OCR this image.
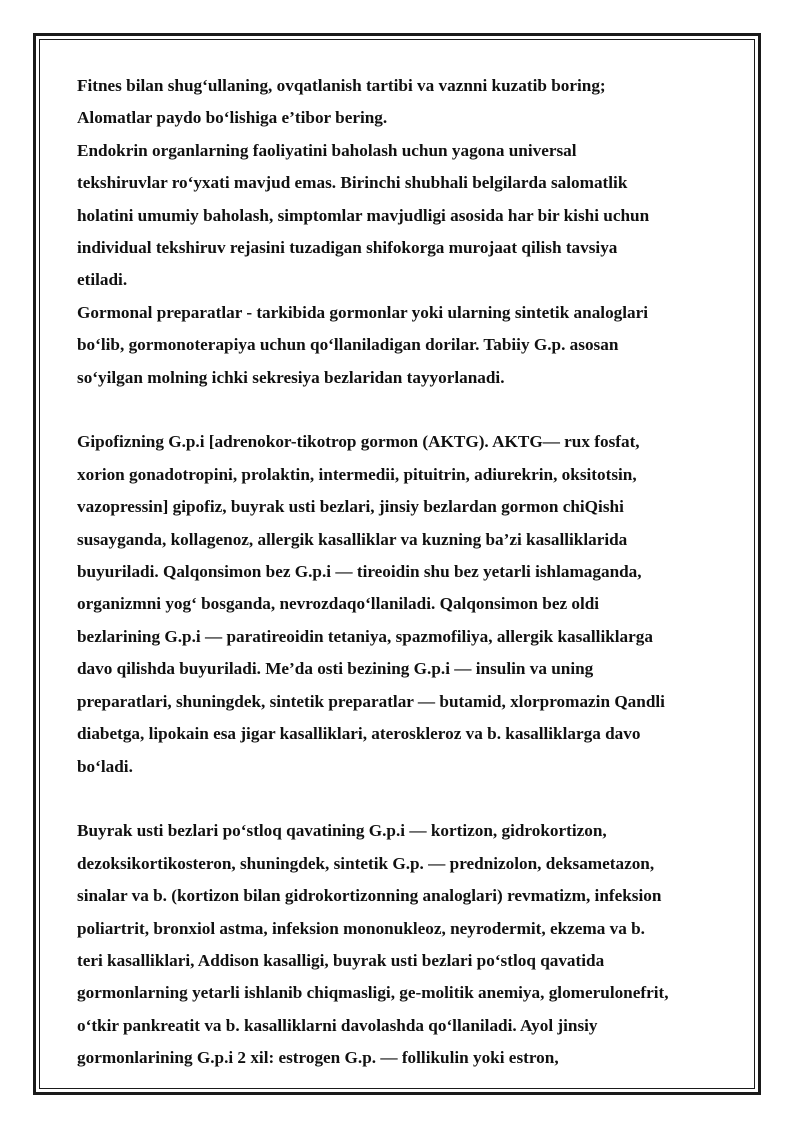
Fitnes bilan shug‘ullaning, ovqatlanish tartibi va vaznni kuzatib boring;
Alomatlar paydo bo‘lishiga e’tibor bering.
Endokrin organlarning faoliyatini baholash uchun yagona universal
tekshiruvlar ro‘yxati mavjud emas. Birinchi shubhali belgilarda salomatlik
holatini umumiy baholash, simptomlar mavjudligi asosida har bir kishi uchun
individual tekshiruv rejasini tuzadigan shifokorga murojaat qilish tavsiya
etiladi.
Gormonal preparatlar - tarkibida gormonlar yoki ularning sintetik analoglari
bo‘lib, gormonoterapiya uchun qo‘llaniladigan dorilar. Tabiiy G.p. asosan
so‘yilgan molning ichki sekresiya bezlaridan tayyorlanadi.
Gipofizning G.p.i [adrenokor-tikotrop gormon (AKTG). AKTG— rux fosfat,
xorion gonadotropini, prolaktin, intermedii, pituitrin, adiurekrin, oksitotsin,
vazopressin] gipofiz, buyrak usti bezlari, jinsiy bezlardan gormon chiQishi
susayganda, kollagenoz, allergik kasalliklar va kuzning ba’zi kasalliklarida
buyuriladi. Qalqonsimon bez G.p.i — tireoidin shu bez yetarli ishlamaganda,
organizmni yog‘ bosganda, nevrozdaqo‘llaniladi. Qalqonsimon bez oldi
bezlarining G.p.i — paratireoidin tetaniya, spazmofiliya, allergik kasalliklarga
davo qilishda buyuriladi. Me’da osti bezining G.p.i — insulin va uning
preparatlari, shuningdek, sintetik preparatlar — butamid, xlorpromazin Qandli
diabetga, lipokain esa jigar kasalliklari, ateroskleroz va b. kasalliklarga davo
bo‘ladi.
Buyrak usti bezlari po‘stloq qavatining G.p.i — kortizon, gidrokortizon,
dezoksikortikosteron, shuningdek, sintetik G.p. — prednizolon, deksametazon,
sinalar va b. (kortizon bilan gidrokortizonning analoglari) revmatizm, infeksion
poliartrit, bronxiol astma, infeksion mononukleoz, neyrodermit, ekzema va b.
teri kasalliklari, Addison kasalligi, buyrak usti bezlari po‘stloq qavatida
gormonlarning yetarli ishlanib chiqmasligi, ge-molitik anemiya, glomerulonefrit,
o‘tkir pankreatit va b. kasalliklarni davolashda qo‘llaniladi. Ayol jinsiy
gormonlarining G.p.i 2 xil: estrogen G.p. — follikulin yoki estron,
